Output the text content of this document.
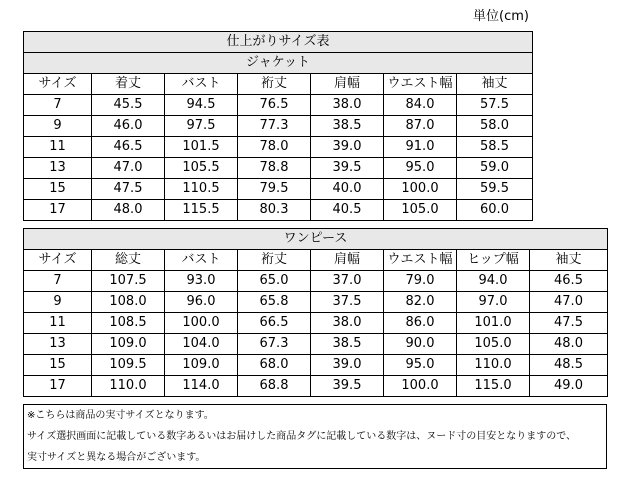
単位(cm)
仕上がりサイズ表						
ジャケット						
サイズ	着丈	バスト	裄丈	肩幅	ウエスト幅	袖丈
7	45.5	94.5	76.5	38.0	84.0	57.5
9	46.0	97.5	77.3	38.5	87.0	58.0
11	46.5	101.5	78.0	39.0	91.0	58.5
13	47.0	105.5	78.8	39.5	95.0	59.0
15	47.5	110.5	79.5	40.0	100.0	59.5
17	48.0	115.5	80.3	40.5	105.0	60.0
ワンピース							
サイズ	総丈	バスト	裄丈	肩幅	ウエスト幅	ヒップ幅	袖丈
7	107.5	93.0	65.0	37.0	79.0	94.0	46.5
9	108.0	96.0	65.8	37.5	82.0	97.0	47.0
11	108.5	100.0	66.5	38.0	86.0	101.0	47.5
13	109.0	104.0	67.3	38.5	90.0	105.0	48.0
15	109.5	109.0	68.0	39.0	95.0	110.0	48.5
17	110.0	114.0	68.8	39.5	100.0	115.0	49.0
※こちらは商品の実寸サイズとなります。
サイズ選択画面に記載している数字あるいはお届けした商品タグに記載している数字は、ヌード寸の目安となりますので、
実寸サイズと異なる場合がございます。
